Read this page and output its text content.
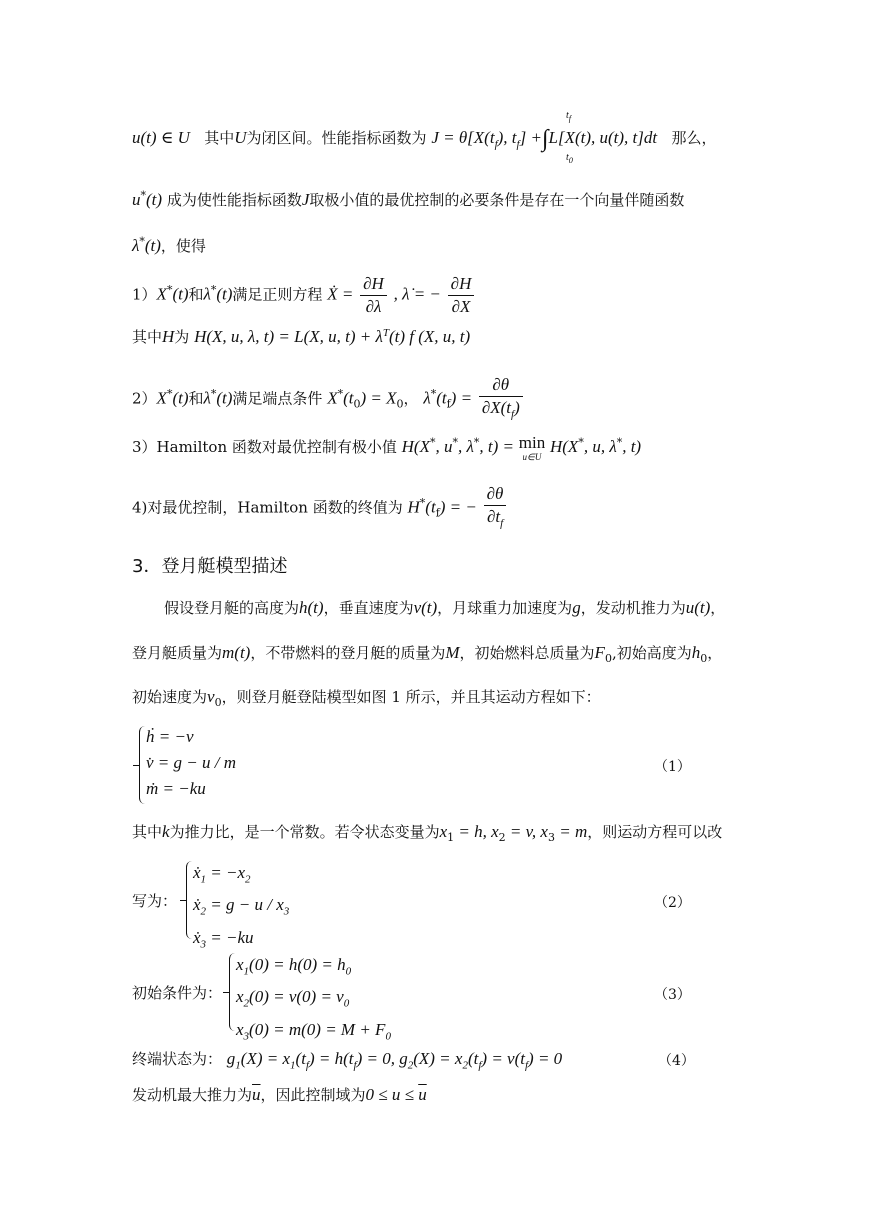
u(t) ∈ U 其中U为闭区间。性能指标函数为 $J = \theta[X(t_f)$, $t_f] +\int L[X(t)$, u(t), t]dt 那么，
$t_f$
$t_0$
u*(t) 成为使性能指标函数J取极小值的最优控制的必要条件是存在一个向量伴随函数
λ*(t)，使得
1）X*(t)和λ*(t)满足正则方程 Ẋ = $\frac{\partial H}{\partial\lambda}$ , λ̇ = − $\frac{\partial H}{\partial X}$
其中H为 H(X, u, λ, t) = L(X, u, $t) + \lambda^T(t)$ f (X, u, t)
2）X*(t)和λ*(t)满足端点条件 $X^*(t_0) = X_0$， $\lambda^*(t_f) = \frac{\partial\theta}{\partial X(t_f)}$
3）Hamilton 函数对最优控制有极小值 H(X*, u*, λ*, t) = min
u∈U
H(X*, u, λ*, t)
4)对最优控制，Hamilton 函数的终值为 $H^*(t_f)$ = − $\frac{\partial\theta}{\partial t_f}$
3．登月艇模型描述
假设登月艇的高度为h(t)，垂直速度为v(t)，月球重力加速度为g，发动机推力为u(t)，
登月艇质量为m(t)，不带燃料的登月艇的质量为M，初始燃料总质量为$F_0$,初始高度为$h_0$，
初始速度为$v_0$，则登月艇登陆模型如图 1 所示，并且其运动方程如下：
ḣ = −v
v̇ = g − u / m
ṁ = −ku
（1）
其中k为推力比，是一个常数。若令状态变量为$x_1 = h$, $x_2 = v$, $x_3 = m$，则运动方程可以改
写为：
ẋ$_1$ = $-x_2$
ẋ$_2$ = $g - u / x_3$
ẋ$_3$ = −ku
（2）
初始条件为：
$x_1(0) = h(0) = h_0$
$x_2(0) = v(0) = v_0$
$x_3(0) = m(0) = M + F_0$
（3）
终端状态为： $g_1(X) = x_1(t_f) = h(t_f) = 0$, $g_2(X) = x_2(t_f) = v(t_f) = 0$	（4）
发动机最大推力为$\overline{u}$，因此控制域为$0 \le u \le \overline{u}$
